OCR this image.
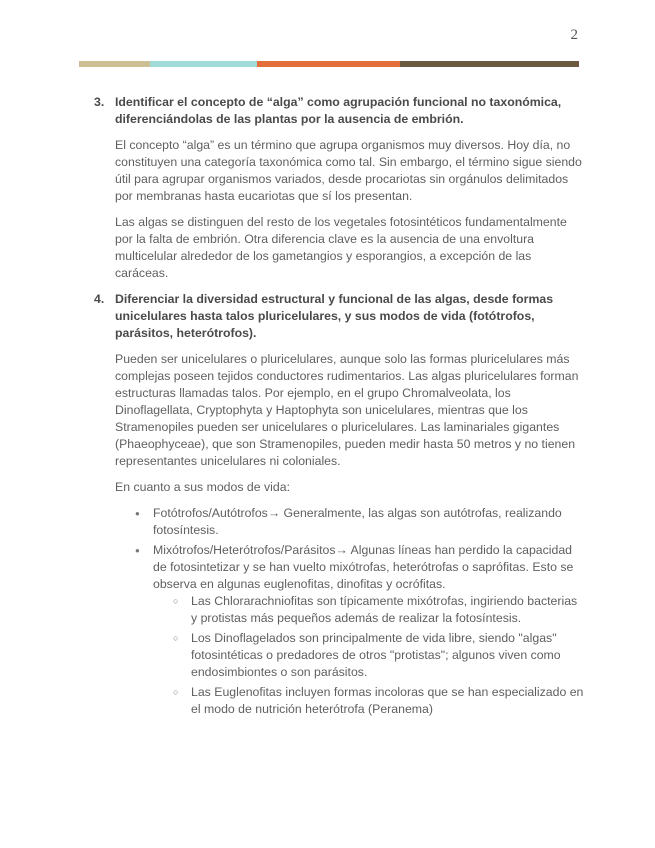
2
3. Identificar el concepto de “alga” como agrupación funcional no taxonómica, diferenciándolas de las plantas por la ausencia de embrión.

El concepto “alga” es un término que agrupa organismos muy diversos. Hoy día, no constituyen una categoría taxonómica como tal. Sin embargo, el término sigue siendo útil para agrupar organismos variados, desde procariotas sin orgánulos delimitados por membranas hasta eucariotas que sí los presentan.

Las algas se distinguen del resto de los vegetales fotosintéticos fundamentalmente por la falta de embrión. Otra diferencia clave es la ausencia de una envoltura multicelular alrededor de los gametangios y esporangios, a excepción de las caráceas.

4. Diferenciar la diversidad estructural y funcional de las algas, desde formas unicelulares hasta talos pluricelulares, y sus modos de vida (fotótrofos, parásitos, heterótrofos).

Pueden ser unicelulares o pluricelulares, aunque solo las formas pluricelulares más complejas poseen tejidos conductores rudimentarios. Las algas pluricelulares forman estructuras llamadas talos. Por ejemplo, en el grupo Chromalveolata, los Dinoflagellata, Cryptophyta y Haptophyta son unicelulares, mientras que los Stramenopiles pueden ser unicelulares o pluricelulares. Las laminariales gigantes (Phaeophyceae), que son Stramenopiles, pueden medir hasta 50 metros y no tienen representantes unicelulares ni coloniales.

En cuanto a sus modos de vida:

● Fotótrofos/Autótrofos→ Generalmente, las algas son autótrofas, realizando fotosíntesis.
● Mixótrofos/Heterótrofos/Parásitos→ Algunas líneas han perdido la capacidad de fotosintetizar y se han vuelto mixótrofas, heterótrofas o saprófitas. Esto se observa en algunas euglenofitas, dinofitas y ocrófitas.
○ Las Chlorarachniofitas son típicamente mixótrofas, ingiriendo bacterias y protistas más pequeños además de realizar la fotosíntesis.
○ Los Dinoflagelados son principalmente de vida libre, siendo "algas" fotosintéticas o predadores de otros "protistas"; algunos viven como endosimbiontes o son parásitos.
○ Las Euglenofitas incluyen formas incoloras que se han especializado en el modo de nutrición heterótrofa (Peranema)
